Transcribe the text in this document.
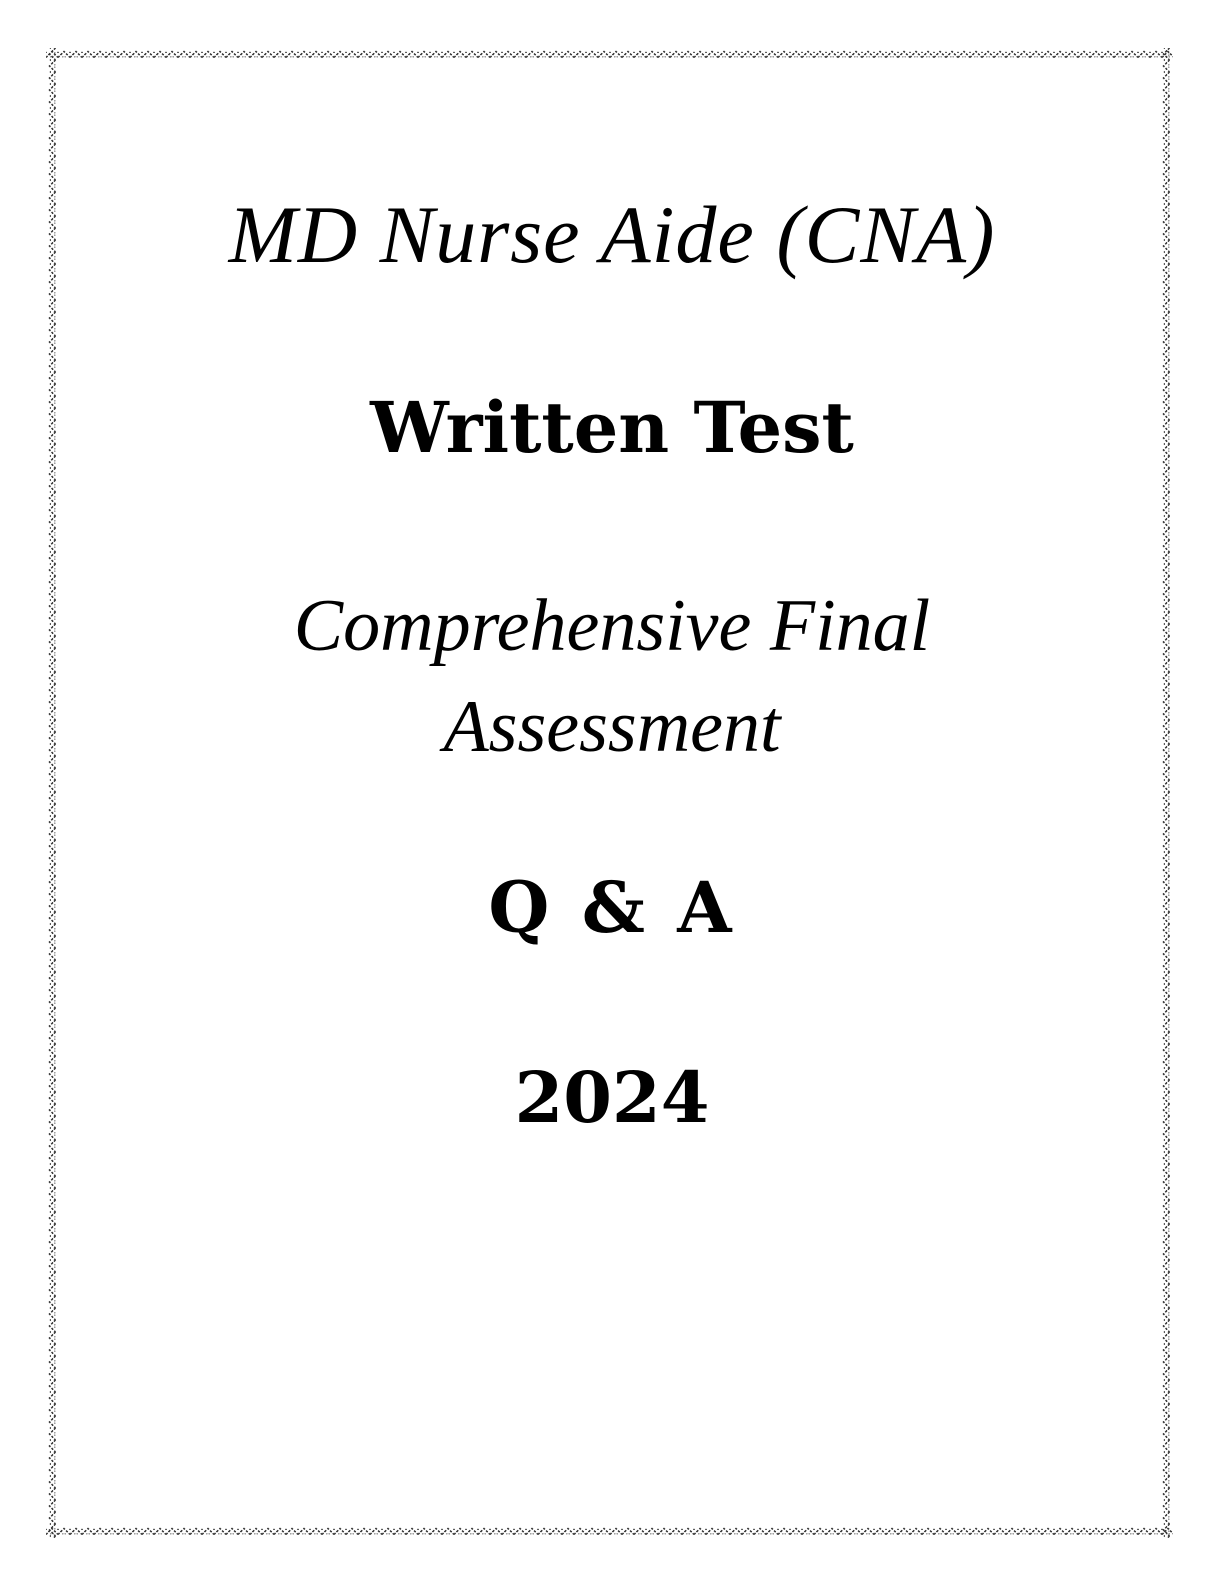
MD Nurse Aide (CNA)
Written Test
Comprehensive Final
Assessment
Q & A
2024
